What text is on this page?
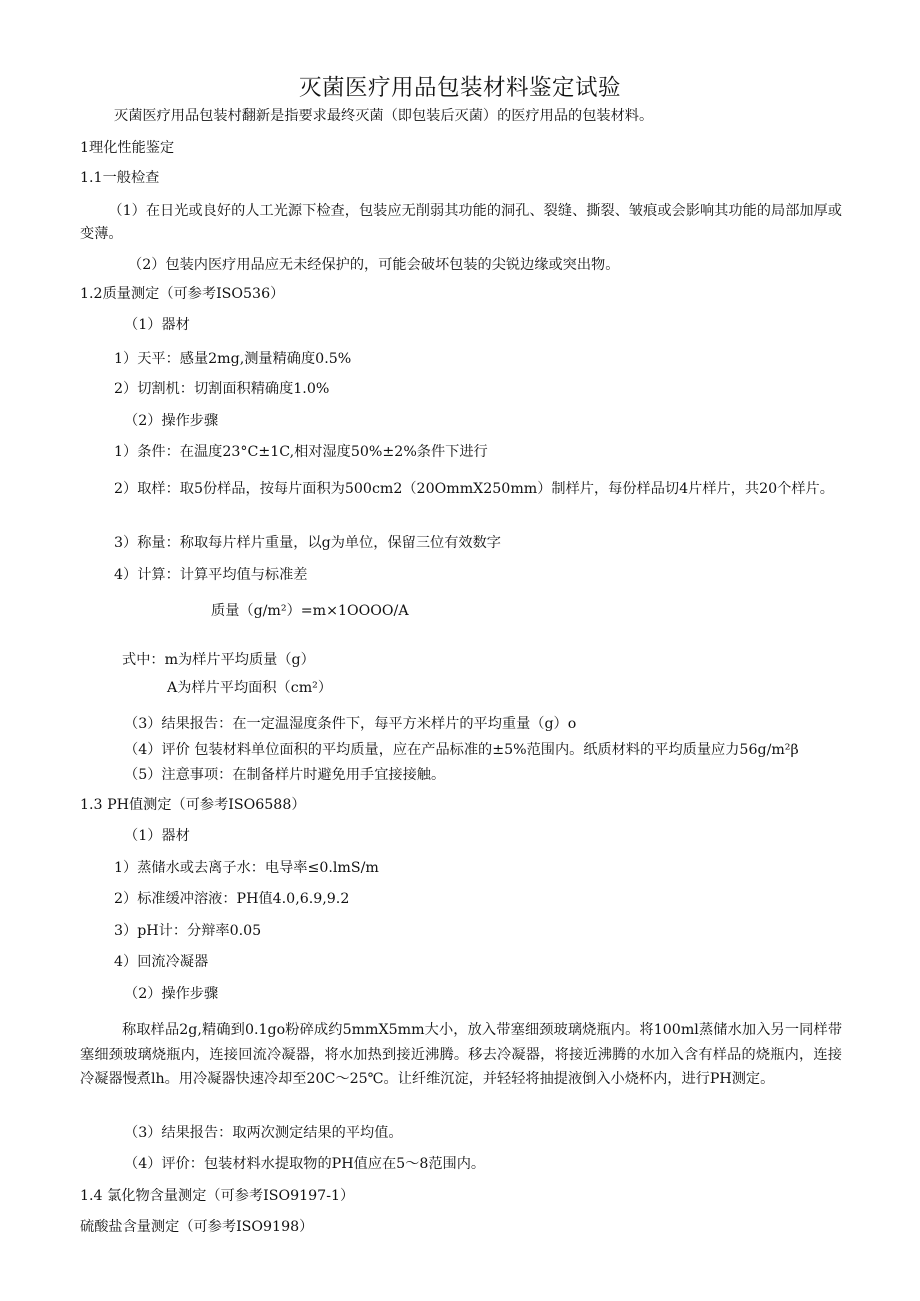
灭菌医疗用品包装材料鉴定试验
灭菌医疗用品包装村翻新是指要求最终灭菌（即包装后灭菌）的医疗用品的包装材料。
1理化性能鉴定
1.1一般检查
（1）在日光或良好的人工光源下检查，包装应无削弱其功能的洞孔、裂缝、撕裂、皱痕或会影响其功能的局部加厚或变薄。
（2）包装内医疗用品应无未经保护的，可能会破坏包装的尖锐边缘或突出物。
1.2质量测定（可参考ISO536）
（1）器材
1）天平：感量2mg,测量精确度0.5%
2）切割机：切割面积精确度1.0%
（2）操作步骤
1）条件：在温度23°C±1C,相对湿度50%±2%条件下进行
2）取样：取5份样品，按每片面积为500cm2（20OmmX250mm）制样片，每份样品切4片样片，共20个样片。
3）称量：称取每片样片重量，以g为单位，保留三位有效数字
4）计算：计算平均值与标准差
质量（g∕m²）=m×1OOOO/A
式中：m为样片平均质量（g）
A为样片平均面积（cm²）
（3）结果报告：在一定温湿度条件下，每平方米样片的平均重量（g）o
（4）评价 包装材料单位面积的平均质量，应在产品标准的±5%范围内。纸质材料的平均质量应力56g∕m²β
（5）注意事项：在制备样片时避免用手宜接接触。
1.3 PH值测定（可参考ISO6588）
（1）器材
1）蒸储水或去离子水：电导率≤0.lmS/m
2）标准缓冲溶液：PH值4.0,6.9,9.2
3）pH计：分辩率0.05
4）回流冷凝器
（2）操作步骤
称取样品2g,精确到0.1go粉碎成约5mmX5mm大小，放入带塞细颈玻璃烧瓶内。将100ml蒸储水加入另一同样带塞细颈玻璃烧瓶内，连接回流冷凝器，将水加热到接近沸腾。移去冷凝器，将接近沸腾的水加入含有样品的烧瓶内，连接冷凝器慢煮lh。用冷凝器快速冷却至20C～25℃。让纤维沉淀，并轻轻将抽提液倒入小烧杯内，进行PH测定。
（3）结果报告：取两次测定结果的平均值。
（4）评价：包装材料水提取物的PH值应在5～8范围内。
1.4 氯化物含量测定（可参考ISO9197-1）
硫酸盐含量测定（可参考ISO9198）
